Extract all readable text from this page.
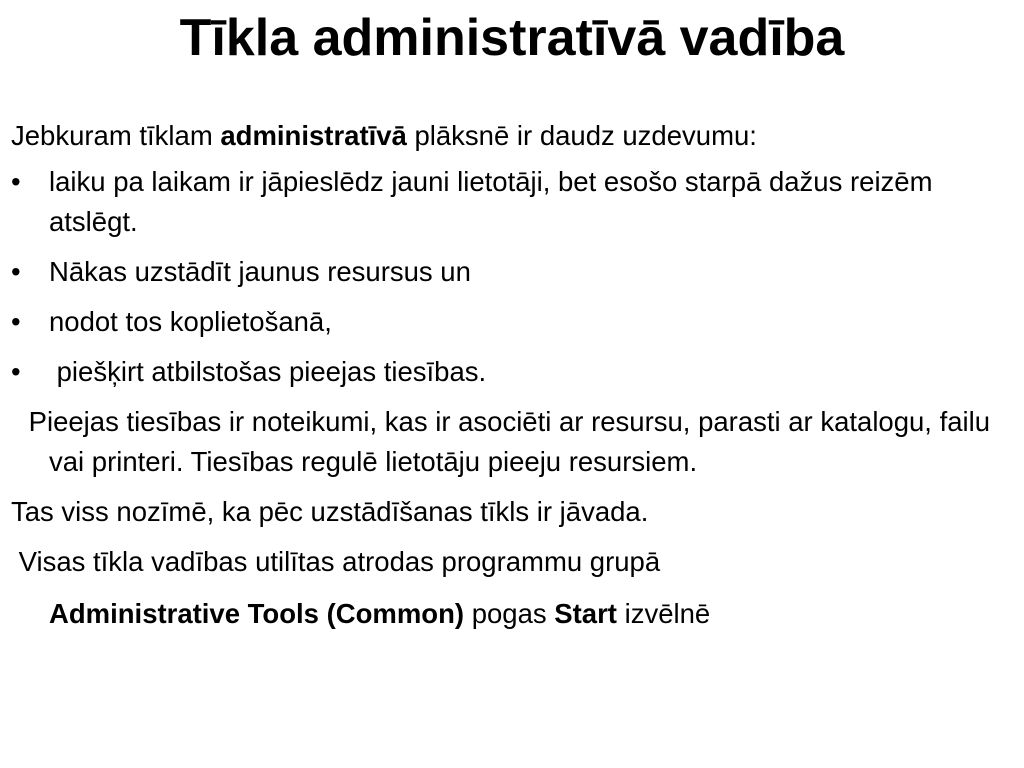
Tīkla administratīvā vadība

Jebkuram tīklam administratīvā plāksnē ir daudz uzdevumu:

• laiku pa laikam ir jāpieslēdz jauni lietotāji, bet esošo starpā dažus reizēm atslēgt.
• Nākas uzstādīt jaunus resursus un
• nodot tos koplietošanā,
• piešķirt atbilstošas pieejas tiesības.

Pieejas tiesības ir noteikumi, kas ir asociēti ar resursu, parasti ar katalogu, failu vai printeri. Tiesības regulē lietotāju pieeju resursiem.

Tas viss nozīmē, ka pēc uzstādīšanas tīkls ir jāvada.

Visas tīkla vadības utilītas atrodas programmu grupā

Administrative Tools (Common) pogas Start izvēlnē
